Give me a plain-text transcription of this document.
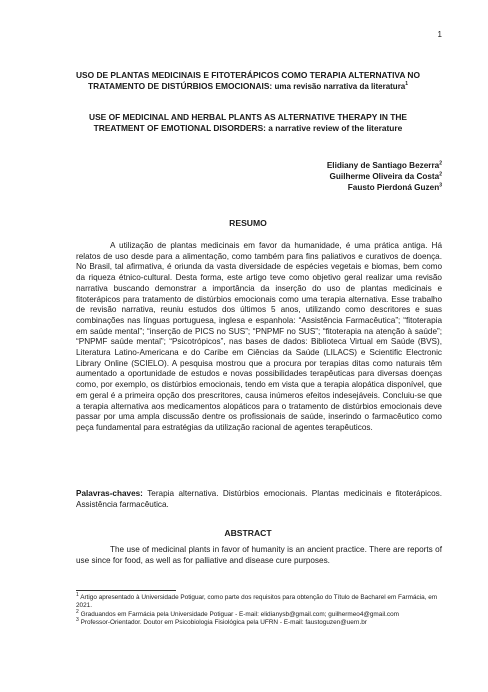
1
USO DE PLANTAS MEDICINAIS E FITOTERÁPICOS COMO TERAPIA ALTERNATIVA NO TRATAMENTO DE DISTÚRBIOS EMOCIONAIS: uma revisão narrativa da literatura$^1$
USE OF MEDICINAL AND HERBAL PLANTS AS ALTERNATIVE THERAPY IN THE TREATMENT OF EMOTIONAL DISORDERS: a narrative review of the literature
Elidiany de Santiago Bezerra$^2$
Guilherme Oliveira da Costa$^2$
Fausto Pierdoná Guzen$^3$
RESUMO

A utilização de plantas medicinais em favor da humanidade, é uma prática antiga. Há relatos de uso desde para a alimentação, como também para fins paliativos e curativos de doença. No Brasil, tal afirmativa, é oriunda da vasta diversidade de espécies vegetais e biomas, bem como da riqueza étnico-cultural. Desta forma, este artigo teve como objetivo geral realizar uma revisão narrativa buscando demonstrar a importância da inserção do uso de plantas medicinais e fitoterápicos para tratamento de distúrbios emocionais como uma terapia alternativa. Esse trabalho de revisão narrativa, reuniu estudos dos últimos 5 anos, utilizando como descritores e suas combinações nas línguas portuguesa, inglesa e espanhola: “Assistência Farmacêutica”; “fitoterapia em saúde mental”; “inserção de PICS no SUS”; “PNPMF no SUS”; “fitoterapia na atenção à saúde”; “PNPMF saúde mental”; “Psicotrópicos”, nas bases de dados: Biblioteca Virtual em Saúde (BVS), Literatura Latino-Americana e do Caribe em Ciências da Saúde (LILACS) e Scientific Electronic Library Online (SCIELO). A pesquisa mostrou que a procura por terapias ditas como naturais têm aumentado a oportunidade de estudos e novas possibilidades terapêuticas para diversas doenças como, por exemplo, os distúrbios emocionais, tendo em vista que a terapia alopática disponível, que em geral é a primeira opção dos prescritores, causa inúmeros efeitos indesejáveis. Concluiu-se que a terapia alternativa aos medicamentos alopáticos para o tratamento de distúrbios emocionais deve passar por uma ampla discussão dentre os profissionais de saúde, inserindo o farmacêutico como peça fundamental para estratégias da utilização racional de agentes terapêuticos.

Palavras-chaves: Terapia alternativa. Distúrbios emocionais. Plantas medicinais e fitoterápicos. Assistência farmacêutica.
ABSTRACT

The use of medicinal plants in favor of humanity is an ancient practice. There are reports of use since for food, as well as for palliative and disease cure purposes.

$^1$ Artigo apresentado à Universidade Potiguar, como parte dos requisitos para obtenção do Título de Bacharel em Farmácia, em 2021.
$^2$ Graduandos em Farmácia pela Universidade Potiguar - E-mail: elidianysb@gmail.com; guilhermeo4@gmail.com
$^3$ Professor-Orientador. Doutor em Psicobiologia Fisiológica pela UFRN - E-mail: faustoguzen@uern.br
